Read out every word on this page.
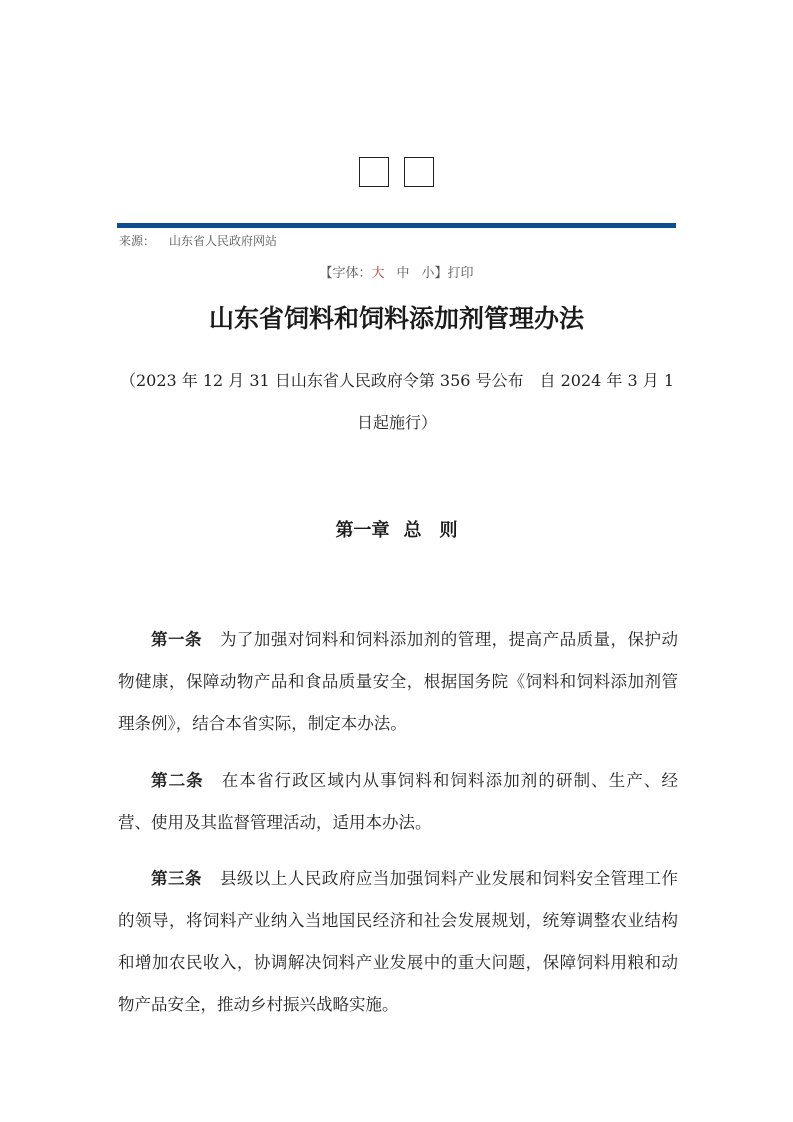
来源： 山东省人民政府网站
【字体：大 中 小】打印
山东省饲料和饲料添加剂管理办法
（2023 年 12 月 31 日山东省人民政府令第 356 号公布　自 2024 年 3 月 1 日起施行）
第一章 总　则

第一条 为了加强对饲料和饲料添加剂的管理，提高产品质量，保护动物健康，保障动物产品和食品质量安全，根据国务院《饲料和饲料添加剂管理条例》，结合本省实际，制定本办法。

第二条 在本省行政区域内从事饲料和饲料添加剂的研制、生产、经营、使用及其监督管理活动，适用本办法。

第三条 县级以上人民政府应当加强饲料产业发展和饲料安全管理工作的领导，将饲料产业纳入当地国民经济和社会发展规划，统筹调整农业结构和增加农民收入，协调解决饲料产业发展中的重大问题，保障饲料用粮和动物产品安全，推动乡村振兴战略实施。
